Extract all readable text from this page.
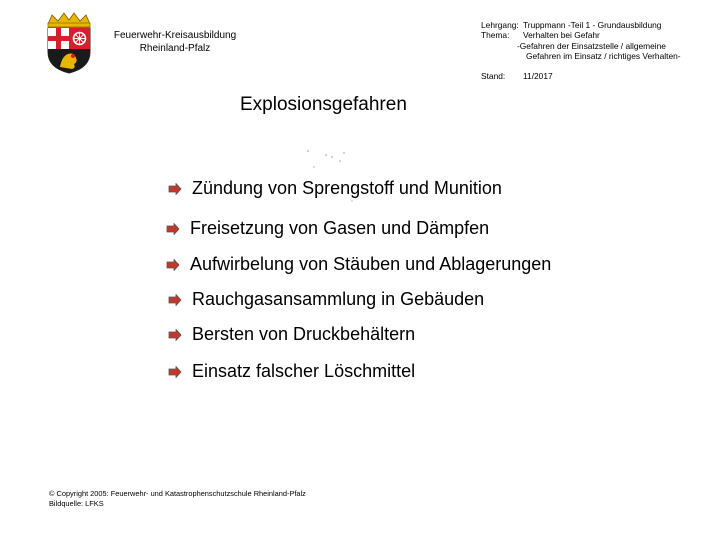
Feuerwehr-Kreisausbildung
Rheinland-Pfalz
Lehrgang: Truppmann -Teil 1 - Grundausbildung
Thema:	Verhalten bei Gefahr
-Gefahren der Einsatzstelle / allgemeine
Gefahren im Einsatz / richtiges Verhalten-
Stand:	11/2017
Explosionsgefahren
Zündung von Sprengstoff und Munition
Freisetzung von Gasen und Dämpfen
Aufwirbelung von Stäuben und Ablagerungen
Rauchgasansammlung in Gebäuden
Bersten von Druckbehältern
Einsatz falscher Löschmittel
© Copyright 2005: Feuerwehr- und Katastrophenschutzschule Rheinland-Pfalz
Bildquelle: LFKS
